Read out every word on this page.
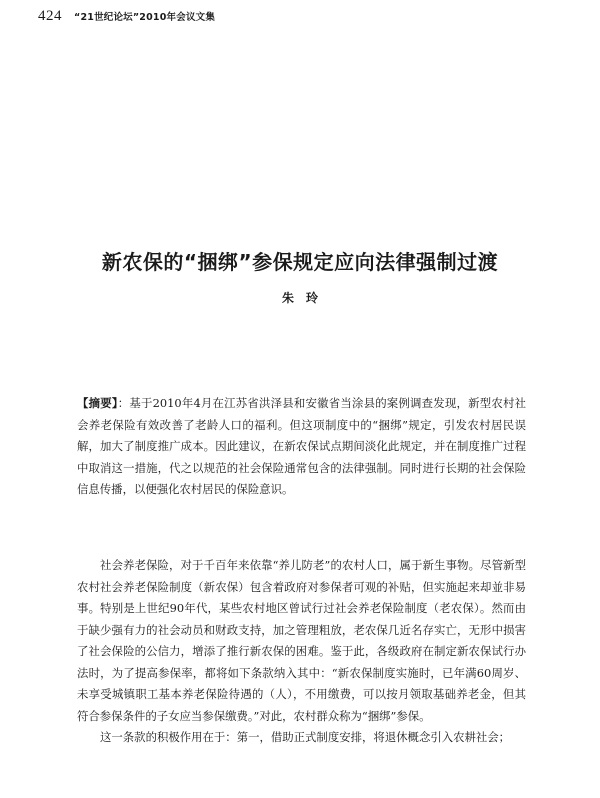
424 “21世纪论坛”2010年会议文集
新农保的“捆绑”参保规定应向法律强制过渡
朱玲

【摘要】：基于2010年4月在江苏省洪泽县和安徽省当涂县的案例调查发现，新型农村社会养老保险有效改善了老龄人口的福利。但这项制度中的“捆绑”规定，引发农村居民误解，加大了制度推广成本。因此建议，在新农保试点期间淡化此规定，并在制度推广过程中取消这一措施，代之以规范的社会保险通常包含的法律强制。同时进行长期的社会保险信息传播，以便强化农村居民的保险意识。

社会养老保险，对于千百年来依靠“养儿防老”的农村人口，属于新生事物。尽管新型农村社会养老保险制度（新农保）包含着政府对参保者可观的补贴，但实施起来却並非易事。特别是上世纪90年代，某些农村地区曾试行过社会养老保险制度（老农保）。然而由于缺少强有力的社会动员和财政支持，加之管理粗放，老农保几近名存实亡，无形中损害了社会保险的公信力，增添了推行新农保的困难。鉴于此，各级政府在制定新农保试行办法时，为了提高参保率，都将如下条款纳入其中：“新农保制度实施时，已年满60周岁、未享受城镇职工基本养老保险待遇的（人），不用缴费，可以按月领取基础养老金，但其符合参保条件的子女应当参保缴费。”对此，农村群众称为“捆绑”参保。

这一条款的积极作用在于：第一，借助正式制度安排，将退休概念引入农耕社会；
